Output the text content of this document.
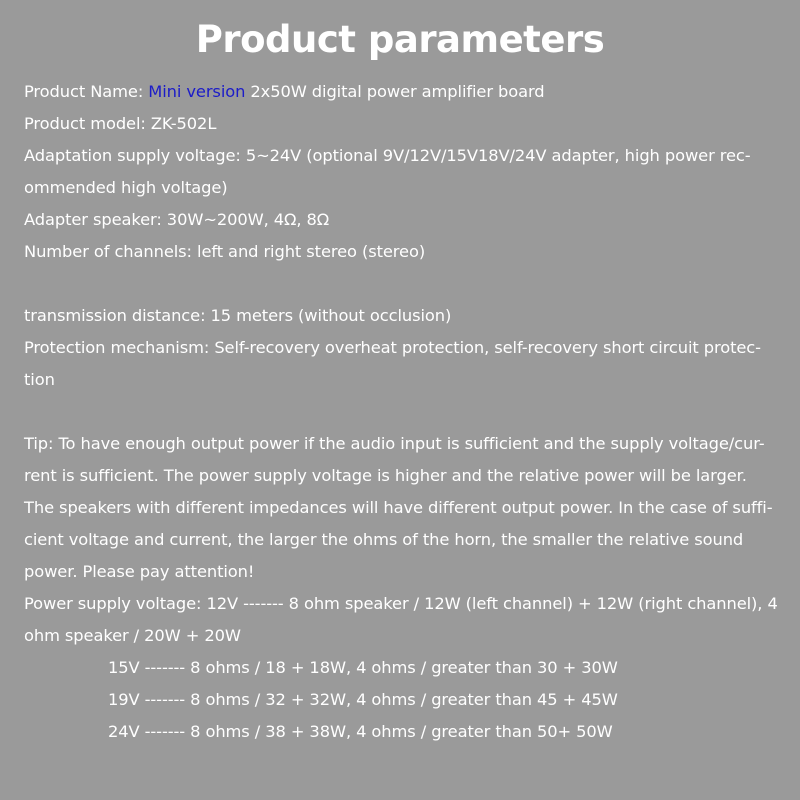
Product parameters
Product Name: Mini version 2x50W digital power amplifier board
Product model: ZK-502L
Adaptation supply voltage: 5~24V (optional 9V/12V/15V18V/24V adapter, high power rec-
ommended high voltage)
Adapter speaker: 30W~200W, 4Ω, 8Ω
Number of channels: left and right stereo (stereo)
transmission distance: 15 meters (without occlusion)
Protection mechanism: Self-recovery overheat protection, self-recovery short circuit protec-
tion
Tip: To have enough output power if the audio input is sufficient and the supply voltage/cur-
rent is sufficient. The power supply voltage is higher and the relative power will be larger.
The speakers with different impedances will have different output power. In the case of suffi-
cient voltage and current, the larger the ohms of the horn, the smaller the relative sound
power. Please pay attention!
Power supply voltage: 12V ------- 8 ohm speaker / 12W (left channel) + 12W (right channel), 4
ohm speaker / 20W + 20W
15V ------- 8 ohms / 18 + 18W, 4 ohms / greater than 30 + 30W
19V ------- 8 ohms / 32 + 32W, 4 ohms / greater than 45 + 45W
24V ------- 8 ohms / 38 + 38W, 4 ohms / greater than 50+ 50W
